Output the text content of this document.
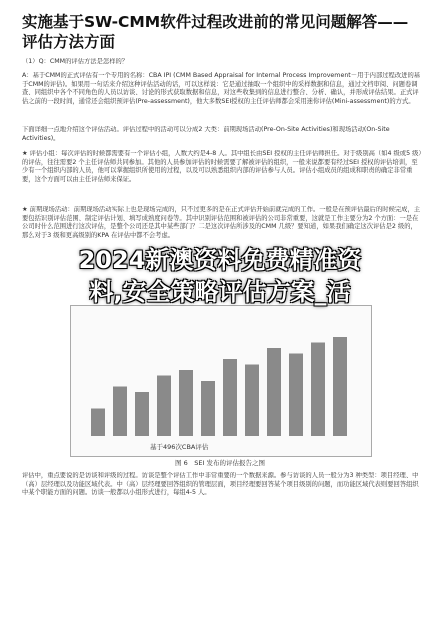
实施基于SW-CMM软件过程改进前的常见问题解答——评估方法方面
（1）Q：CMM的评估方法是怎样的？
A：基于CMM的正式评估有一个专用的名称：CBA IPI (CMM Based Appraisal for Internal Process Improvement－用于内部过程改进的基于CMM的评估)。如果用一句话来介绍这种评估活动的话，可以这样说：它是通过抽取一个组织中的采样数据和信息，通过文档审阅、问题卷调查、同组织中各个不同角色的人员以访谈、讨论的形式获取数据和信息，对这些收集到的信息进行整合、分析、确认，并形成评估结果。正式评估之前的一段时间，通常还会组织预评估(Pre-assessment)，他大多数SEI授权的主任评估师都会采用迷你评估(Mini-assessment)的方式。
下面详细一点地介绍这个评估活动。评估过程中的活动可以分成2 大类：前期现场活动(Pre-On-Site Activities)和现场活动(On-Site Activities)。
★ 评估小组：每次评估的时候都需要有一个评估小组，人数大约是4-8 人。其中组长由SEI 授权的主任评估师担任。对于级别高（如4 级或5 级）的评估，往往需要2 个主任评估师共同参加。其他的人员参加评估的时候需要了解被评估的组织，一般来说都要有经过SEI 授权的评估培训，至少有一个组织内部的人员，他可以掌握组织所使用的过程，以及可以熟悉组织内部的评估参与人员。评估小组成员的组成和职责的确定非常重要，这个方面可以由主任评估师来保证。
★ 前期现场活动：前期现场活动实际上也是现场完成的，只不过更多的是在正式评估开始前就完成的工作。一般是在预评估最后的时候完成，主要包括识别评估范围、制定评估计划、填写成熟度问卷等。其中识别评估范围和被评估的公司非常重要，这就是工作主要分为2 个方面：一是在公司时什么范围进行这次评估，是整个公司还是其中某些部门？二是这次评估所涉及的CMM 几级？要知道，如果我们确定这次评估是2 级的，那么对于3 级和更高级别的KPA 在评估中都不会考虑。
2024新澳资料免费精准资
料,安全策略评估方案_活
基于496次CBA评估
图 6　SEI 发布的评估报告之图
评估中，重点要说的是访谈和评级的过程。访谈是整个评估工作中非常重要的一个数据来源。参与访谈的人员一般分为3 种类型：项目经理、中（高）层经理以及功能区域代表。中（高）层经理要回答组织的管理层面，项目经理要回答某个项目级别的问题，而功能区域代表则要回答组织中某个职能方面的问题。访谈一般都以小组形式进行，每组4-5 人。
